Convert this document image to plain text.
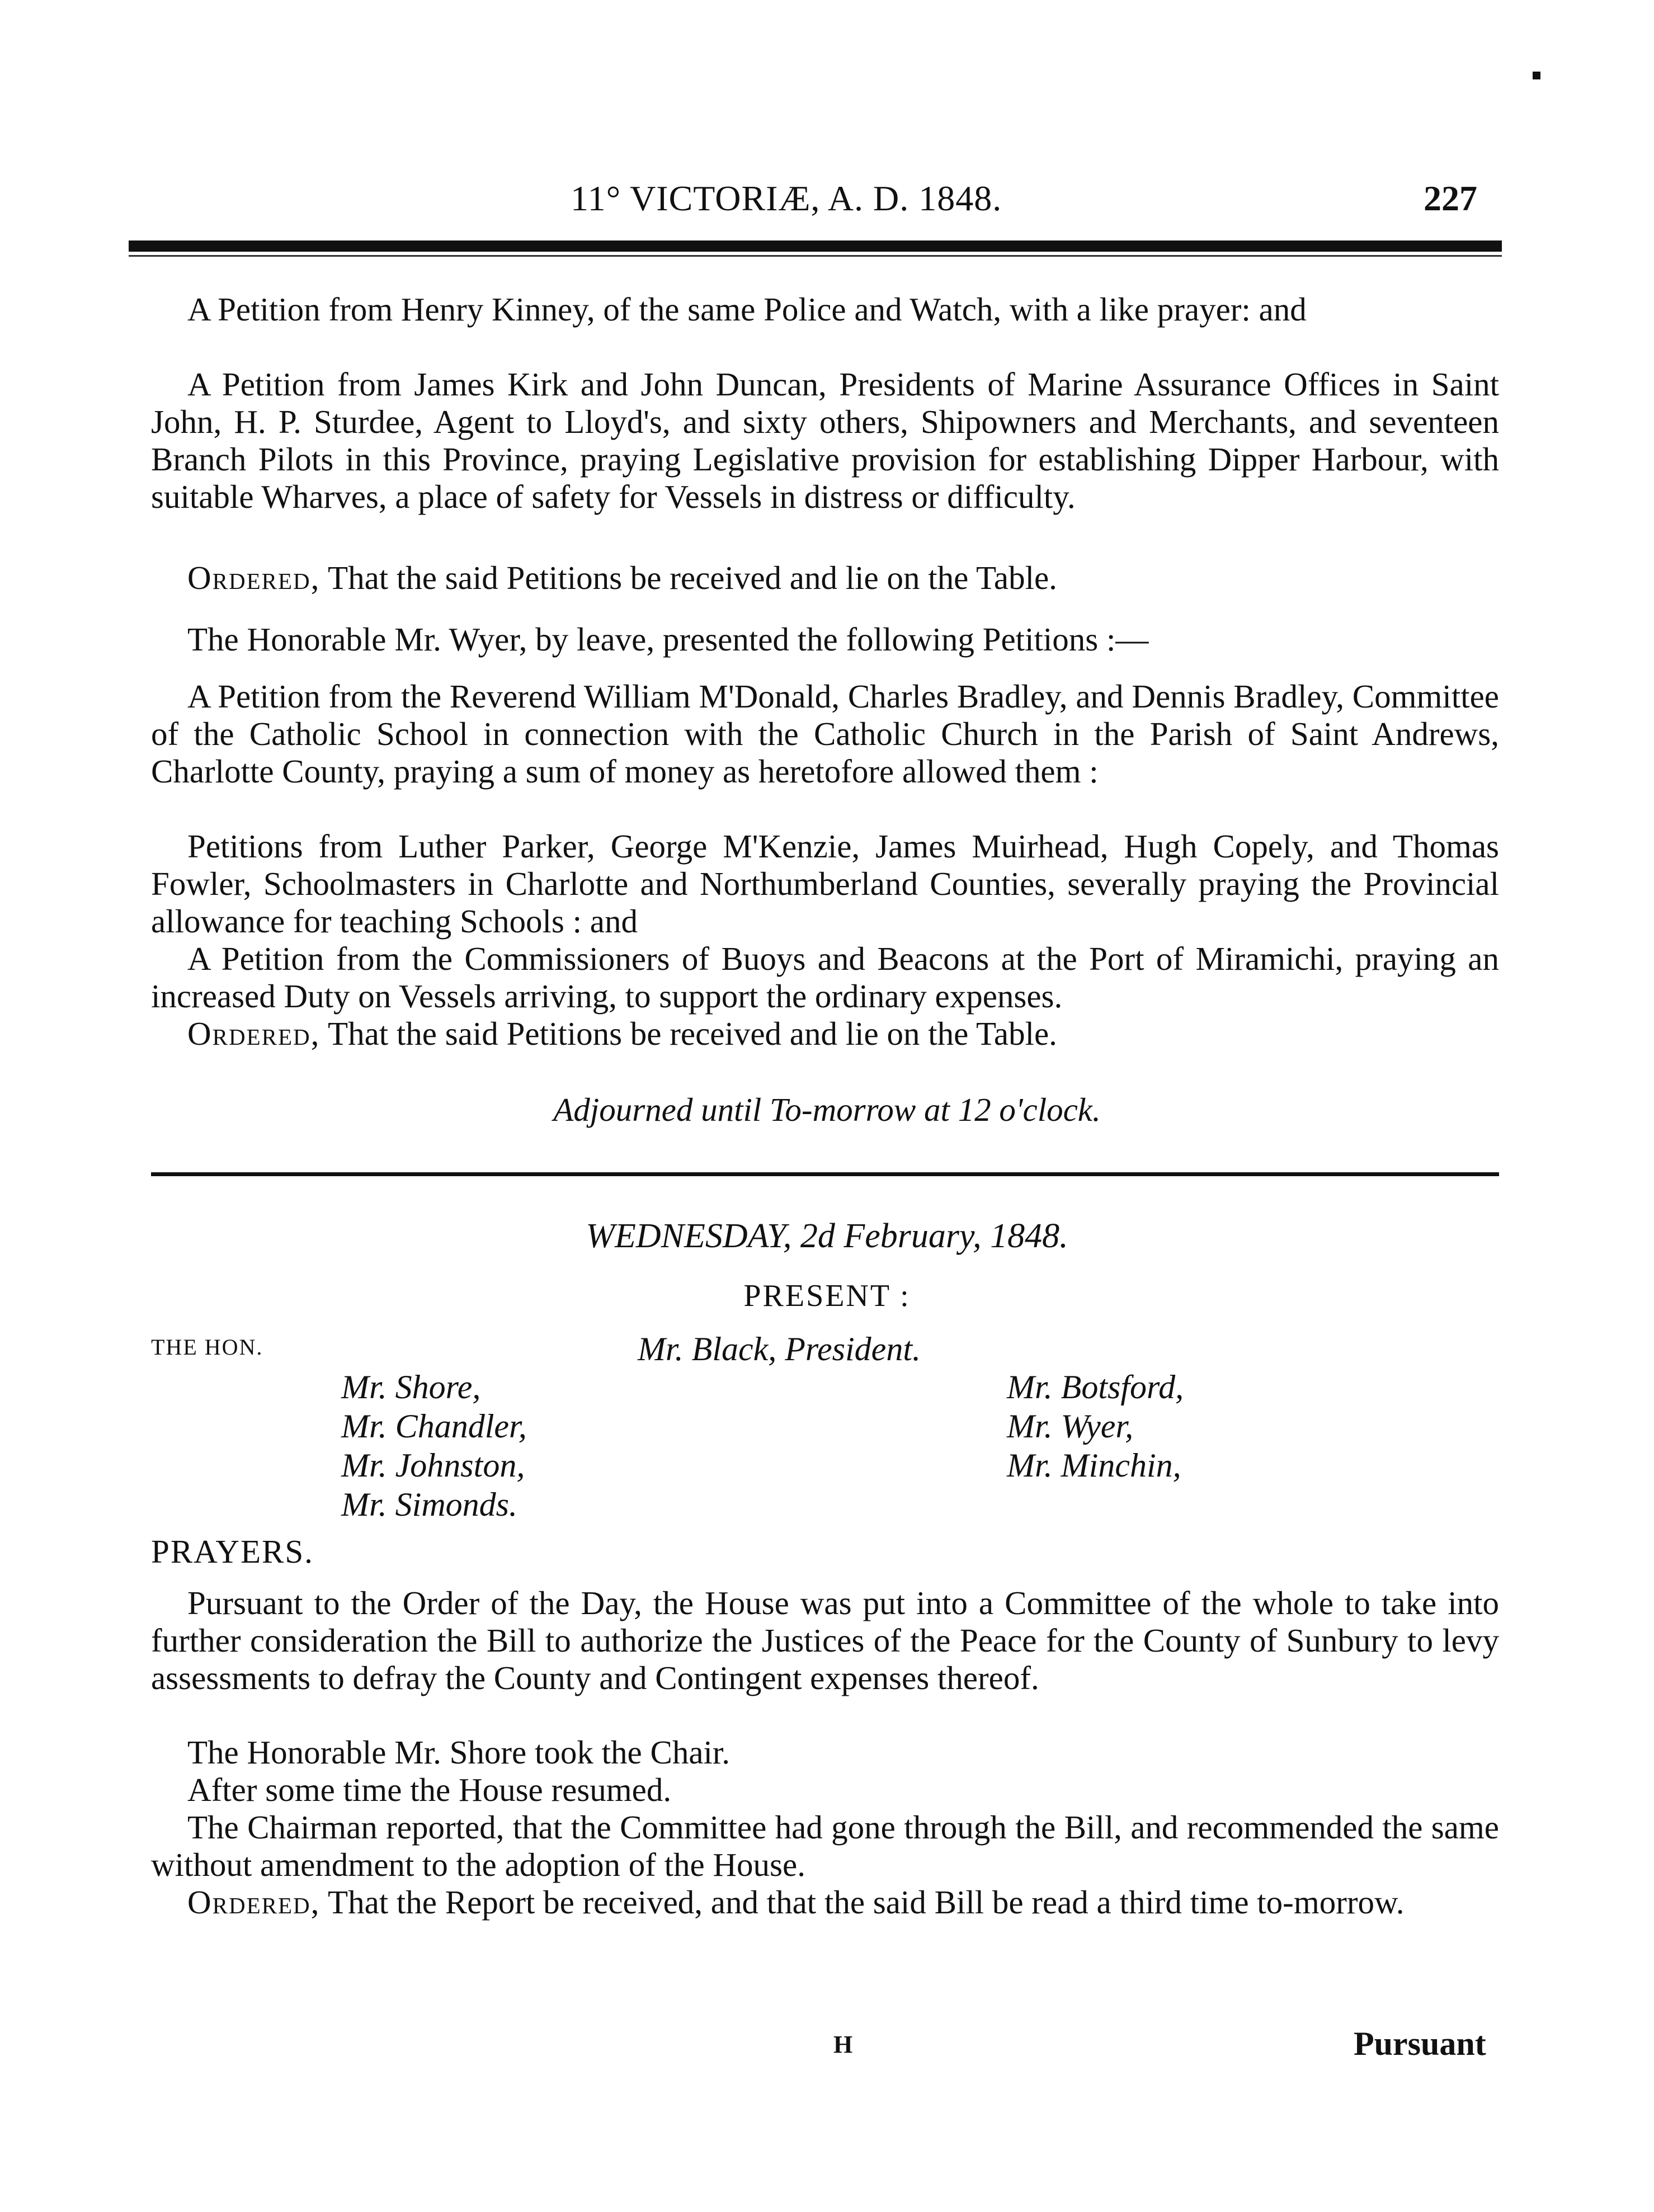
11° VICTORIÆ, A. D. 1848.	227

A Petition from Henry Kinney, of the same Police and Watch, with a like prayer: and

A Petition from James Kirk and John Duncan, Presidents of Marine Assurance Offices in Saint John, H. P. Sturdee, Agent to Lloyd's, and sixty others, Shipowners and Merchants, and seventeen Branch Pilots in this Province, praying Legislative provision for establishing Dipper Harbour, with suitable Wharves, a place of safety for Vessels in distress or difficulty.

Ordered, That the said Petitions be received and lie on the Table.

The Honorable Mr. Wyer, by leave, presented the following Petitions :—

A Petition from the Reverend William M'Donald, Charles Bradley, and Dennis Bradley, Committee of the Catholic School in connection with the Catholic Church in the Parish of Saint Andrews, Charlotte County, praying a sum of money as heretofore allowed them :

Petitions from Luther Parker, George M'Kenzie, James Muirhead, Hugh Copely, and Thomas Fowler, Schoolmasters in Charlotte and Northumberland Counties, severally praying the Provincial allowance for teaching Schools : and

A Petition from the Commissioners of Buoys and Beacons at the Port of Miramichi, praying an increased Duty on Vessels arriving, to support the ordinary expenses.

Ordered, That the said Petitions be received and lie on the Table.

Adjourned until To-morrow at 12 o'clock.
WEDNESDAY, 2d February, 1848.
PRESENT :
THE HON.	Mr. Black, President.
Mr. Shore,
Mr. Chandler,
Mr. Johnston,
Mr. Simonds.
Mr. Botsford,
Mr. Wyer,
Mr. Minchin,
PRAYERS.

Pursuant to the Order of the Day, the House was put into a Committee of the whole to take into further consideration the Bill to authorize the Justices of the Peace for the County of Sunbury to levy assessments to defray the County and Contingent expenses thereof.

The Honorable Mr. Shore took the Chair.

After some time the House resumed.

The Chairman reported, that the Committee had gone through the Bill, and recommended the same without amendment to the adoption of the House.

Ordered, That the Report be received, and that the said Bill be read a third time to-morrow.

H	Pursuant
